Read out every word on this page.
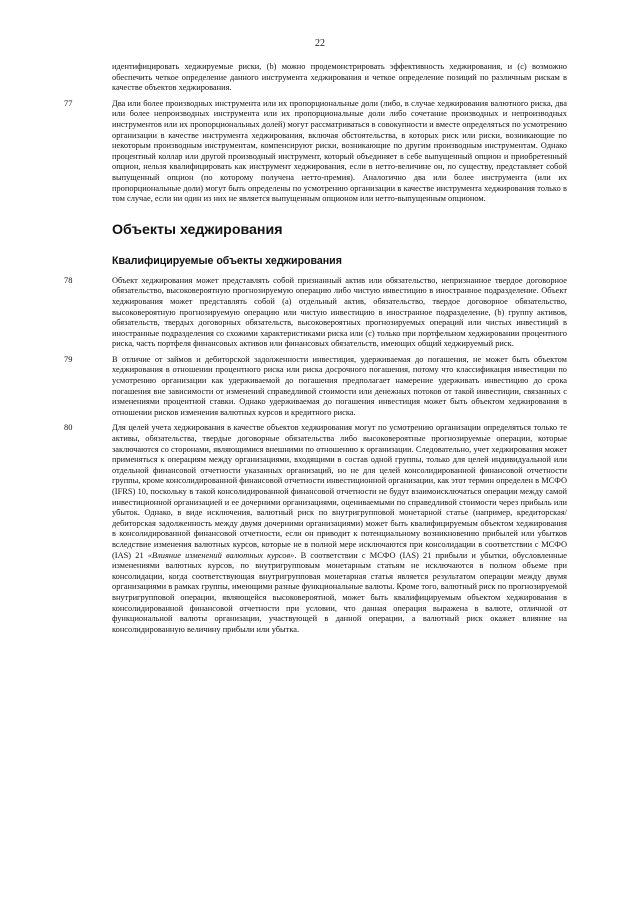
22

идентифицировать хеджируемые риски, (b) можно продемонстрировать эффективность хеджирования, и (c) возможно обеспечить четкое определение данного инструмента хеджирования и четкое определение позиций по различным рискам в качестве объектов хеджирования.

77	Два или более производных инструмента или их пропорциональные доли (либо, в случае хеджирования валютного риска, два или более непроизводных инструмента или их пропорциональные доли либо сочетание производных и непроизводных инструментов или их пропорциональных долей) могут рассматриваться в совокупности и вместе определяться по усмотрению организации в качестве инструмента хеджирования, включая обстоятельства, в которых риск или риски, возникающие по некоторым производным инструментам, компенсируют риски, возникающие по другим производным инструментам. Однако процентный коллар или другой производный инструмент, который объединяет в себе выпущенный опцион и приобретенный опцион, нельзя квалифицировать как инструмент хеджирования, если в нетто-величине он, по существу, представляет собой выпущенный опцион (по которому получена нетто-премия). Аналогично два или более инструмента (или их пропорциональные доли) могут быть определены по усмотрению организации в качестве инструмента хеджирования только в том случае, если ни один из них не является выпущенным опционом или нетто-выпущенным опционом.

Объекты хеджирования
Квалифицируемые объекты хеджирования
78	Объект хеджирования может представлять собой признанный актив или обязательство, непризнанное твердое договорное обязательство, высоковероятную прогнозируемую операцию либо чистую инвестицию в иностранное подразделение. Объект хеджирования может представлять собой (a) отдельный актив, обязательство, твердое договорное обязательство, высоковероятную прогнозируемую операцию или чистую инвестицию в иностранное подразделение, (b) группу активов, обязательств, твердых договорных обязательств, высоковероятных прогнозируемых операций или чистых инвестиций в иностранные подразделения со схожими характеристиками риска или (c) только при портфельном хеджировании процентного риска, часть портфеля финансовых активов или финансовых обязательств, имеющих общий хеджируемый риск.

79	В отличие от займов и дебиторской задолженности инвестиция, удерживаемая до погашения, не может быть объектом хеджирования в отношении процентного риска или риска досрочного погашения, потому что классификация инвестиции по усмотрению организации как удерживаемой до погашения предполагает намерение удерживать инвестицию до срока погашения вне зависимости от изменений справедливой стоимости или денежных потоков от такой инвестиции, связанных с изменениями процентной ставки. Однако удерживаемая до погашения инвестиция может быть объектом хеджирования в отношении рисков изменения валютных курсов и кредитного риска.

80	Для целей учета хеджирования в качестве объектов хеджирования могут по усмотрению организации определяться только те активы, обязательства, твердые договорные обязательства либо высоковероятные прогнозируемые операции, которые заключаются со сторонами, являющимися внешними по отношению к организации. Следовательно, учет хеджирования может применяться к операциям между организациями, входящими в состав одной группы, только для целей индивидуальной или отдельной финансовой отчетности указанных организаций, но не для целей консолидированной финансовой отчетности группы, кроме консолидированной финансовой отчетности инвестиционной организации, как этот термин определен в МСФО (IFRS) 10, поскольку в такой консолидированной финансовой отчетности не будут взаимоисключаться операции между самой инвестиционной организацией и ее дочерними организациями, оцениваемыми по справедливой стоимости через прибыль или убыток. Однако, в виде исключения, валютный риск по внутригрупповой монетарной статье (например, кредиторская/дебиторская задолженность между двумя дочерними организациями) может быть квалифицируемым объектом хеджирования в консолидированной финансовой отчетности, если он приводит к потенциальному возникновению прибылей или убытков вследствие изменения валютных курсов, которые не в полной мере исключаются при консолидации в соответствии с МСФО (IAS) 21 «Влияние изменений валютных курсов». В соответствии с МСФО (IAS) 21 прибыли и убытки, обусловленные изменениями валютных курсов, по внутригрупповым монетарным статьям не исключаются в полном объеме при консолидации, когда соответствующая внутригрупповая монетарная статья является результатом операции между двумя организациями в рамках группы, имеющими разные функциональные валюты. Кроме того, валютный риск по прогнозируемой внутригрупповой операции, являющейся высоковероятной, может быть квалифицируемым объектом хеджирования в консолидированной финансовой отчетности при условии, что данная операция выражена в валюте, отличной от функциональной валюты организации, участвующей в данной операции, а валютный риск окажет влияние на консолидированную величину прибыли или убытка.
